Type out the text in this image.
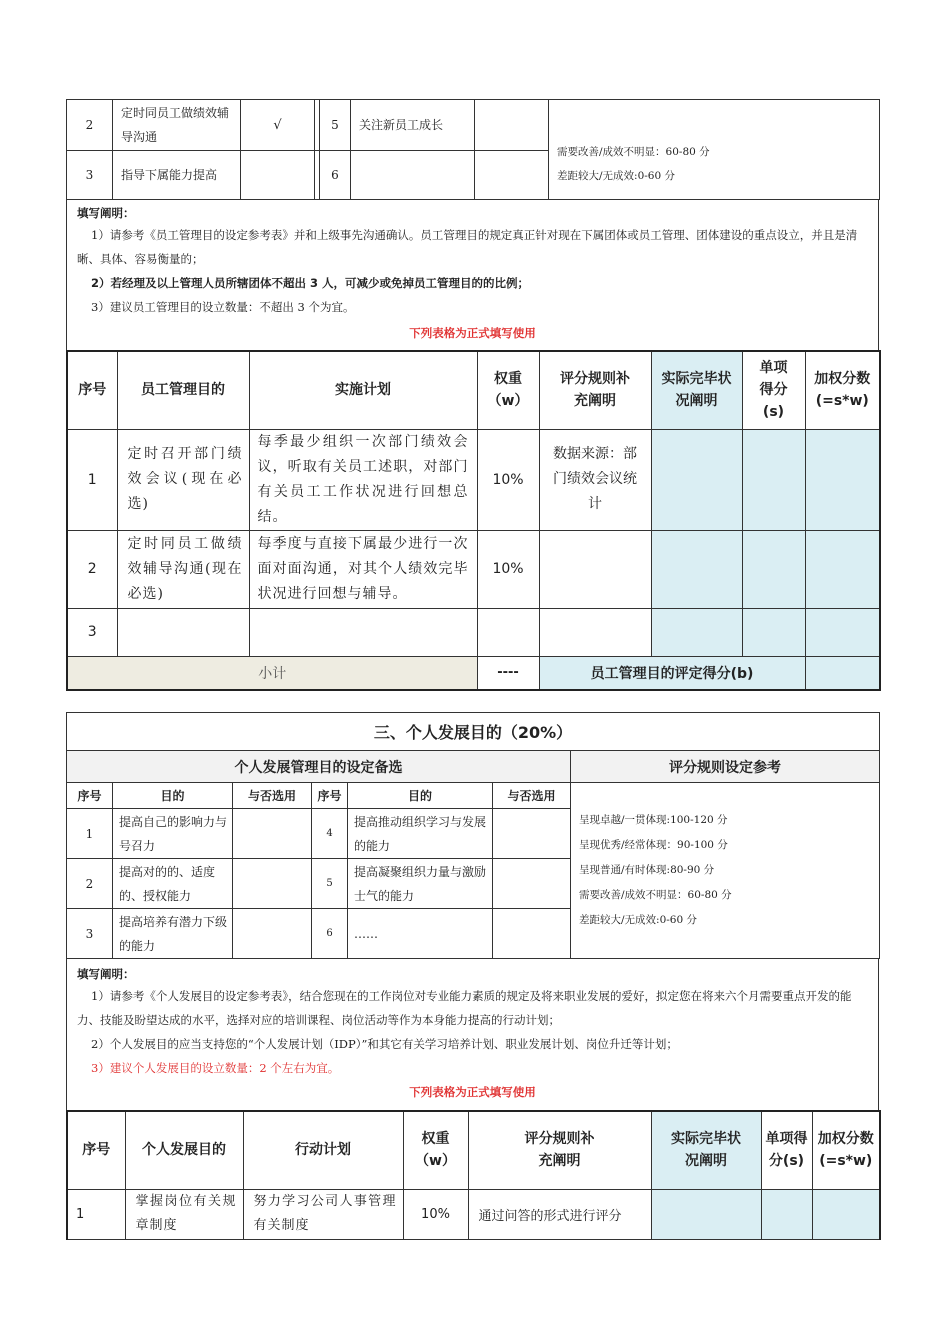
2	定时同员工做绩效辅导沟通	√		5	关注新员工成长		需要改善/成效不明显：60-80 分
差距较大/无成效:0-60 分

3	指导下属能力提高			6			
填写阐明：
1）请参考《员工管理目的设定参考表》并和上级事先沟通确认。员工管理目的规定真正针对现在下属团体或员工管理、团体建设的重点设立，并且是清晰、具体、容易衡量的；
2）若经理及以上管理人员所辖团体不超出 3 人，可减少或免掉员工管理目的的比例；
3）建议员工管理目的设立数量：不超出 3 个为宜。
下列表格为正式填写使用
序号	员工管理目的	实施计划	权重（w）	评分规则补充阐明	实际完毕状况阐明	单项得分(s)	加权分数(=s*w)
1	定时召开部门绩效会议(现在必选)	每季最少组织一次部门绩效会议，听取有关员工述职，对部门有关员工工作状况进行回想总结。	10%	数据来源：部门绩效会议统计			
2	定时同员工做绩效辅导沟通(现在必选)	每季度与直接下属最少进行一次面对面沟通，对其个人绩效完毕状况进行回想与辅导。	10%				
3							
小计			----	员工管理目的评定得分(b)			
三、个人发展目的（20%）						
个人发展管理目的设定备选						评分规则设定参考
序号	目的	与否选用	序号	目的	与否选用	呈现卓越/一贯体现:100-120 分
呈现优秀/经常体现：90-100 分
呈现普通/有时体现:80-90 分
需要改善/成效不明显：60-80 分
差距较大/无成效:0-60 分

1	提高自己的影响力与号召力		4	提高推动组织学习与发展的能力		
2	提高对的的、适度的、授权能力		5	提高凝聚组织力量与激励士气的能力		
3	提高培养有潜力下级的能力		6	……		
填写阐明：
1）请参考《个人发展目的设定参考表》，结合您现在的工作岗位对专业能力素质的规定及将来职业发展的爱好，拟定您在将来六个月需要重点开发的能力、技能及盼望达成的水平，选择对应的培训课程、岗位活动等作为本身能力提高的行动计划；
2）个人发展目的应当支持您的“个人发展计划（IDP）”和其它有关学习培养计划、职业发展计划、岗位升迁等计划；
3）建议个人发展目的设立数量：2 个左右为宜。
下列表格为正式填写使用
序号	个人发展目的	行动计划	权重（w）	评分规则补充阐明	实际完毕状况阐明	单项得分(s)	加权分数(=s*w)
1	掌握岗位有关规章制度	努力学习公司人事管理有关制度	10%	通过问答的形式进行评分			
